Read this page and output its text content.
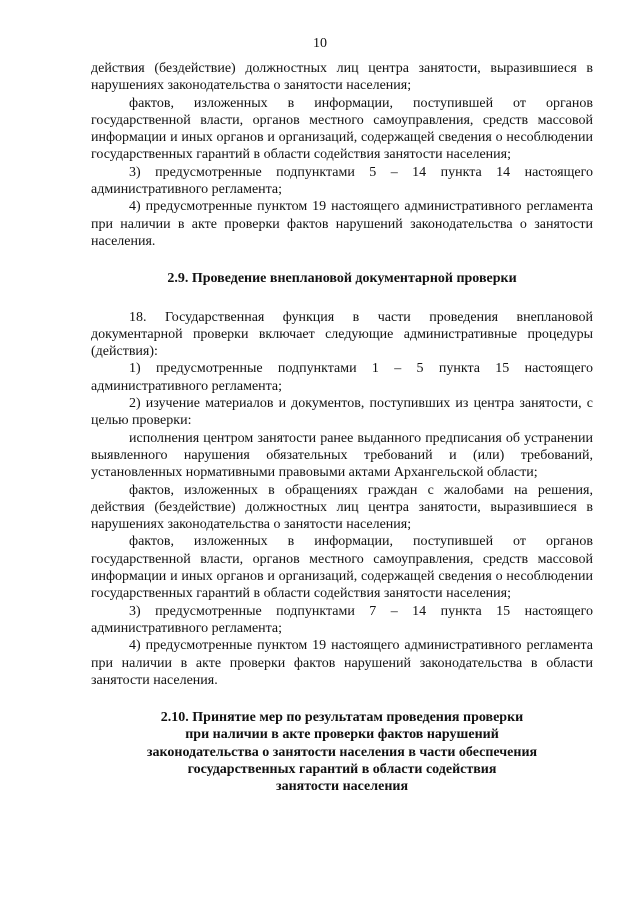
10

действия (бездействие) должностных лиц центра занятости, выразившиеся в нарушениях законодательства о занятости населения;

фактов, изложенных в информации, поступившей от органов государственной власти, органов местного самоуправления, средств массовой информации и иных органов и организаций, содержащей сведения о несоблюдении государственных гарантий в области содействия занятости населения;

3) предусмотренные подпунктами 5 – 14 пункта 14 настоящего административного регламента;

4) предусмотренные пунктом 19 настоящего административного регламента при наличии в акте проверки фактов нарушений законодательства о занятости населения.

2.9. Проведение внеплановой документарной проверки

18. Государственная функция в части проведения внеплановой документарной проверки включает следующие административные процедуры (действия):

1) предусмотренные подпунктами 1 – 5 пункта 15 настоящего административного регламента;

2) изучение материалов и документов, поступивших из центра занятости, с целью проверки:

исполнения центром занятости ранее выданного предписания об устранении выявленного нарушения обязательных требований и (или) требований, установленных нормативными правовыми актами Архангельской области;

фактов, изложенных в обращениях граждан с жалобами на решения, действия (бездействие) должностных лиц центра занятости, выразившиеся в нарушениях законодательства о занятости населения;

фактов, изложенных в информации, поступившей от органов государственной власти, органов местного самоуправления, средств массовой информации и иных органов и организаций, содержащей сведения о несоблюдении государственных гарантий в области содействия занятости населения;

3) предусмотренные подпунктами 7 – 14 пункта 15 настоящего административного регламента;

4) предусмотренные пунктом 19 настоящего административного регламента при наличии в акте проверки фактов нарушений законодательства в области занятости населения.

2.10. Принятие мер по результатам проведения проверки
при наличии в акте проверки фактов нарушений
законодательства о занятости населения в части обеспечения
государственных гарантий в области содействия
занятости населения
